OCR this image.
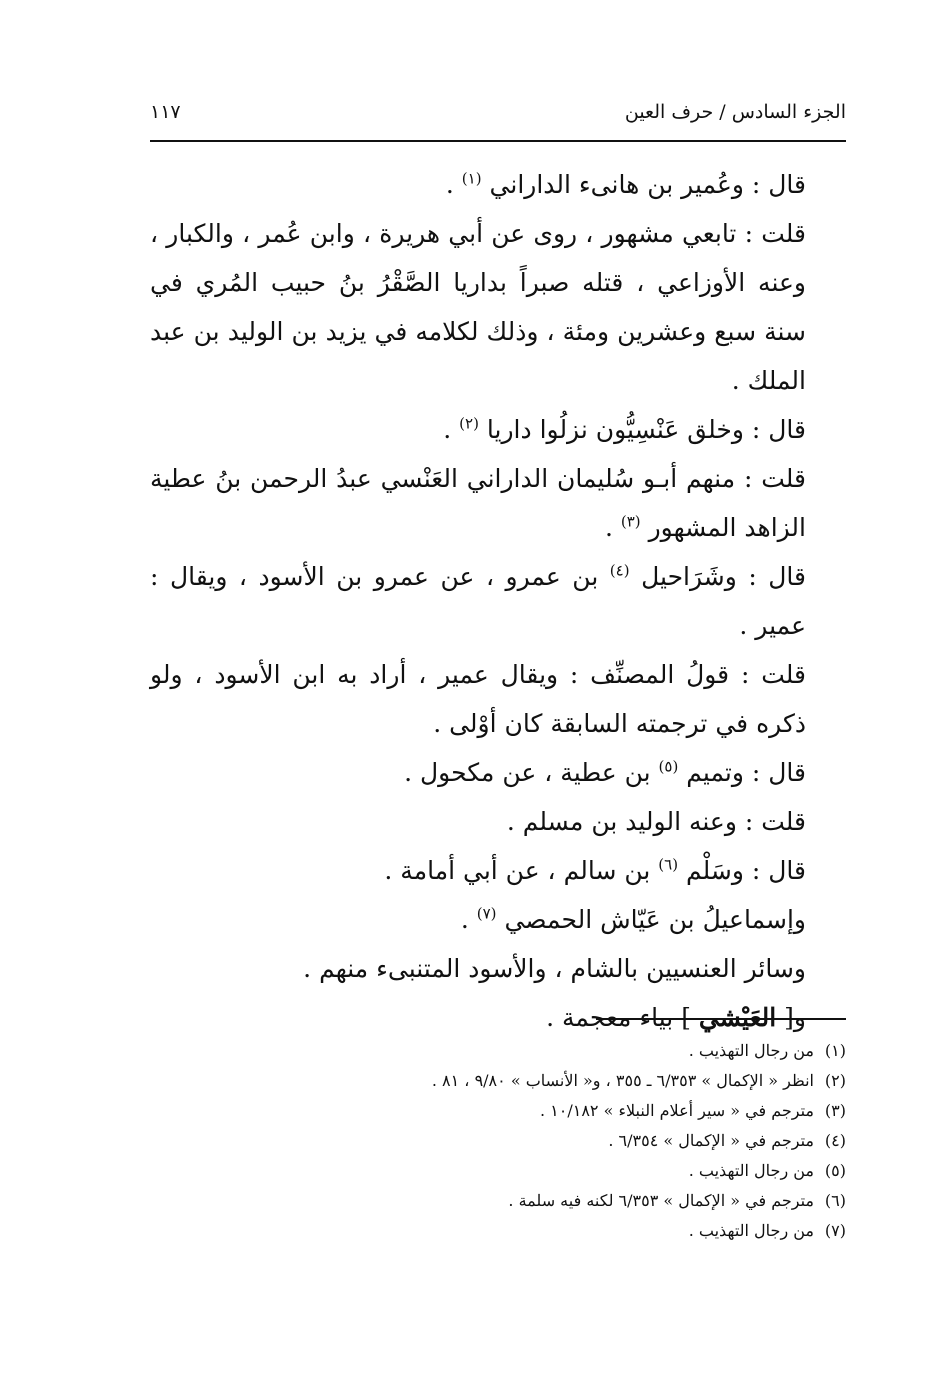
الجزء السادس / حرف العين
١١٧

قال : وعُمير بن هانىء الداراني $^{(١)}$ .

قلت : تابعي مشهور ، روى عن أبي هريرة ، وابن عُمر ، والكبار ، وعنه الأوزاعي ، قتله صبراً بداريا الصَّقْرُ بنُ حبيب المُري في سنة سبع وعشرين ومئة ، وذلك لكلامه في يزيد بن الوليد بن عبد الملك .

قال : وخلق عَنْسِيُّون نزلُوا داريا $^{(٢)}$ .

قلت : منهم أبـو سُليمان الداراني العَنْسي عبدُ الرحمن بنُ عطية الزاهد المشهور $^{(٣)}$ .

قال : وشَرَاحيل $^{(٤)}$ بن عمرو ، عن عمرو بن الأسود ، ويقال : عمير .

قلت : قولُ المصنِّف : ويقال عمير ، أراد به ابن الأسود ، ولو ذكره في ترجمته السابقة كان أوْلى .

قال : وتميم $^{(٥)}$ بن عطية ، عن مكحول .

قلت : وعنه الوليد بن مسلم .

قال : وسَلْم $^{(٦)}$ بن سالم ، عن أبي أمامة .

وإسماعيلُ بن عَيّاش الحمصي $^{(٧)}$ .

وسائر العنسيين بالشام ، والأسود المتنبىء منهم .

و[ العَيْشي ] بياء معجمة .

(١)من رجال التهذيب .

(٢)انظر « الإكمال » ٦/٣٥٣ ـ ٣٥٥ ، و« الأنساب » ٩/٨٠ ، ٨١ .

(٣)مترجم في « سير أعلام النبلاء » ١٠/١٨٢ .

(٤)مترجم في « الإكمال » ٦/٣٥٤ .

(٥)من رجال التهذيب .

(٦)مترجم في « الإكمال » ٦/٣٥٣ لكنه فيه سلمة .

(٧)من رجال التهذيب .
